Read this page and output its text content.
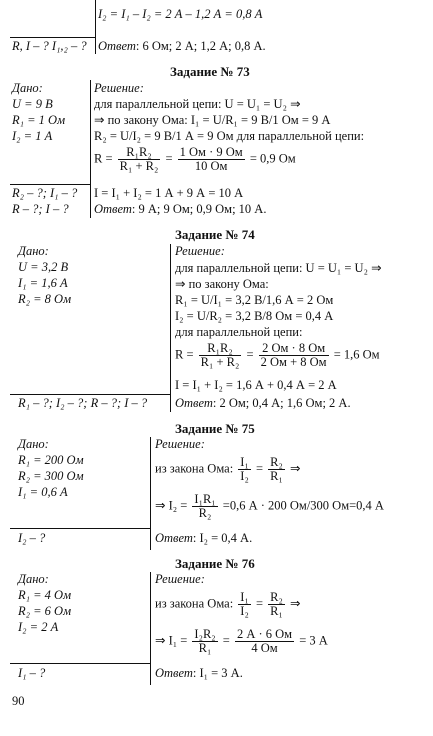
I₂ = I₁ – I₂ = 2 А – 1,2 А = 0,8 А
R, I – ? I₁,₂ – ? Ответ: 6 Ом; 2 А; 1,2 А; 0,8 А.
Задание № 73
Дано:
U = 9 В
R₁ = 1 Ом
I₂ = 1 А
Решение:
для параллельной цепи: U = U₁ = U₂ ⇒
⇒ по закону Ома: I₁ = U/R₁ = 9 В/1 Ом = 9 А
R₂ = U/I₂ = 9 В/1 А = 9 Ом для параллельной цепи:
$R = \frac{\text{R₁R₂}}{\text{R₁ + R₂}} = \frac{1 Ом \cdot 9 Ом}{10 Ом} = 0,9$ Ом
R₂ – ?; I₁ – ?
R – ?; I – ?
I = I₁ + I₂ = 1 А + 9 А = 10 А
Ответ: 9 А; 9 Ом; 0,9 Ом; 10 А.
Задание № 74
Дано:
U = 3,2 В
I₁ = 1,6 А
R₂ = 8 Ом
Решение:
для параллельной цепи: U = U₁ = U₂ ⇒
⇒ по закону Ома:
R₁ = U/I₁ = 3,2 В/1,6 А = 2 Ом
I₂ = U/R₂ = 3,2 В/8 Ом = 0,4 А
для параллельной цепи:
$R = \frac{\text{R₁R₂}}{\text{R₁ + R₂}} = \frac{2 Ом \cdot 8 Ом}{2 Ом + 8 Ом} = 1,6$ Ом
I = I₁ + I₂ = 1,6 А + 0,4 А = 2 А
R₁ – ?; I₂ – ?; R – ?; I – ? Ответ: 2 Ом; 0,4 А; 1,6 Ом; 2 А.
Задание № 75
Дано:
R₁ = 200 Ом
R₂ = 300 Ом
I₁ = 0,6 А
Решение:
из закона Ома: $\frac{\text{I₁}}{\text{I₂}} = \frac{\text{R₂}}{\text{R₁}}$ ⇒
⇒ $I_2 = \frac{\text{I₁R₁}}{\text{R₂}} =0,6$ А · 200 Ом/300 Ом=0,4 А
I₂ – ?	Ответ: I₂ = 0,4 А.
Задание № 76
Дано:
R₁ = 4 Ом
R₂ = 6 Ом
I₂ = 2 А
Решение:
из закона Ома: $\frac{\text{I₁}}{\text{I₂}} = \frac{\text{R₂}}{\text{R₁}}$ ⇒
⇒ $I_1 = \frac{\text{I₂R₂}}{\text{R₁}} = \frac{2 А \cdot 6 Ом}{4 Ом} = 3$ А
I₁ – ?	Ответ: I₁ = 3 А.
90
